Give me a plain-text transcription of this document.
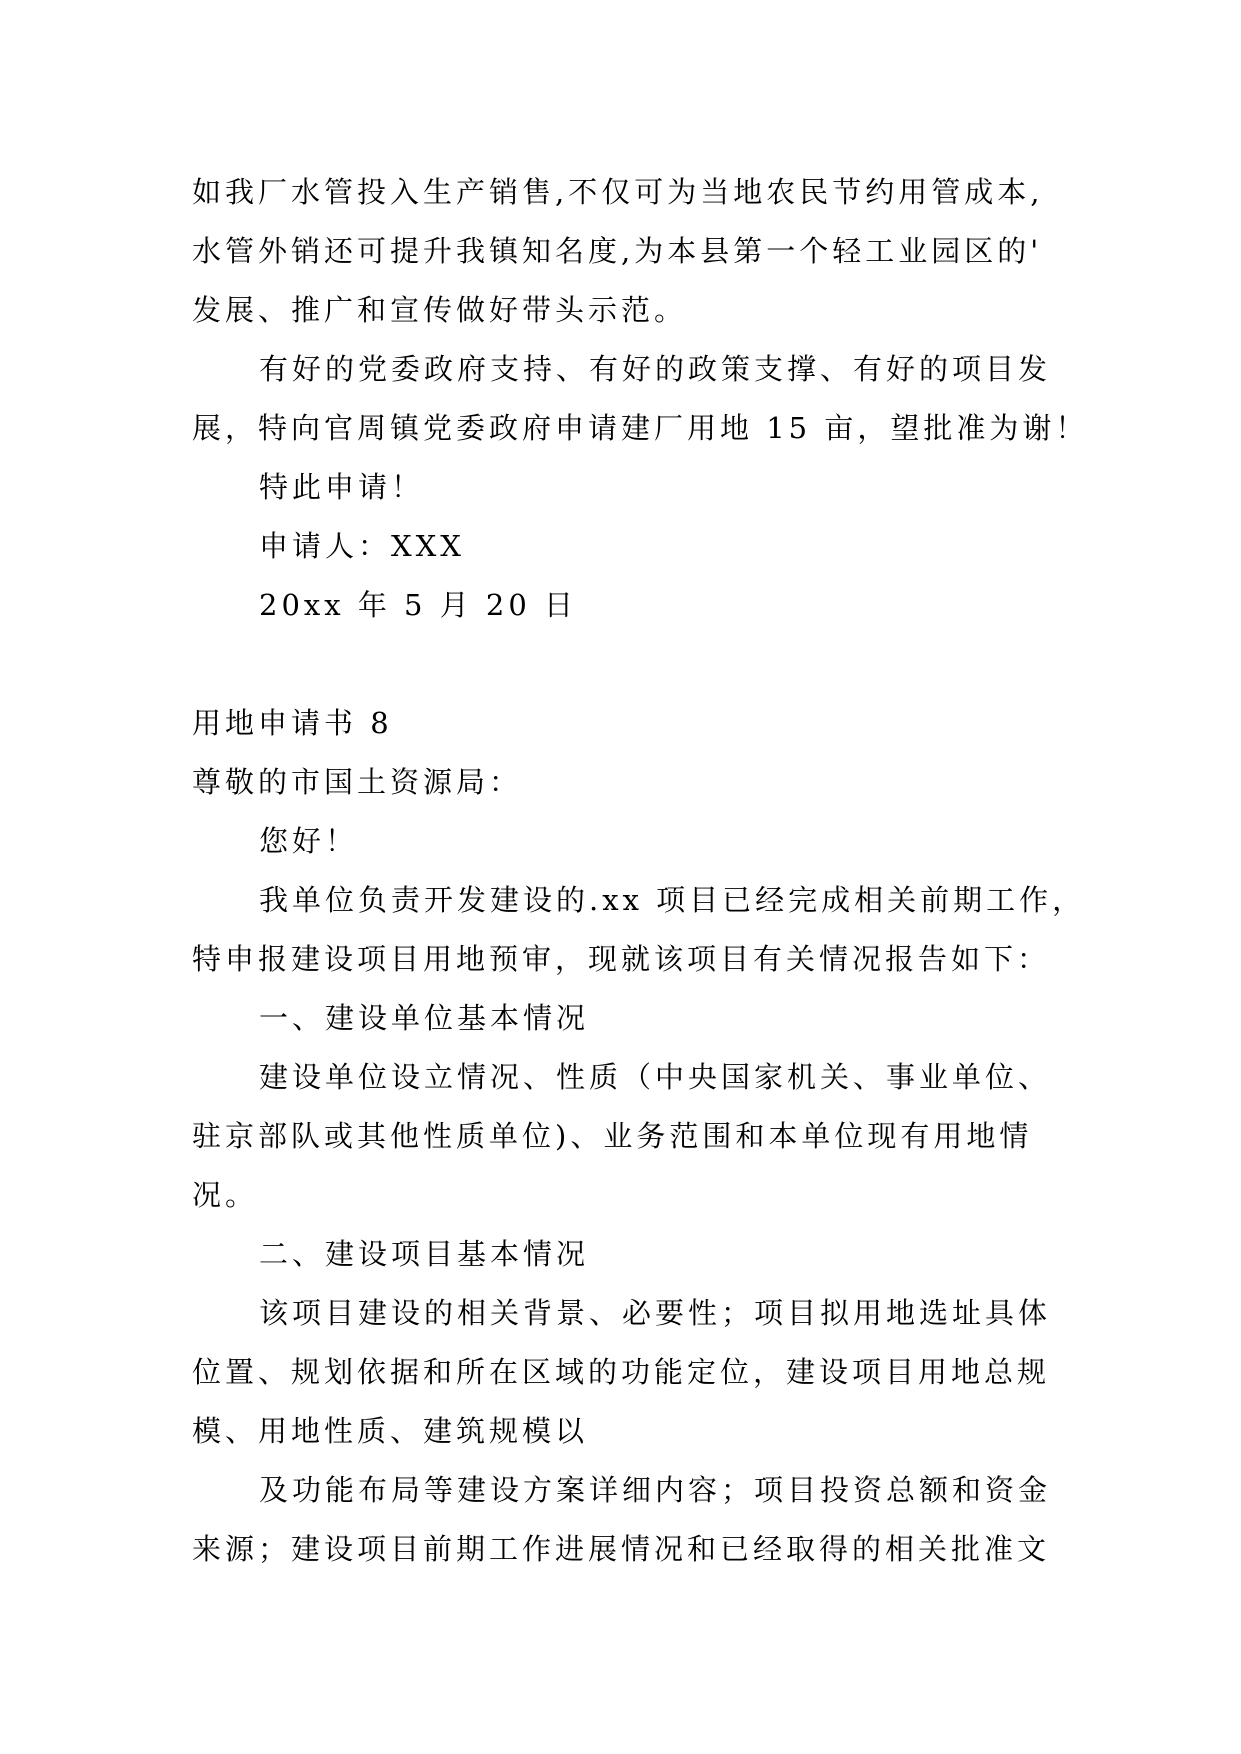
如我厂水管投入生产销售,不仅可为当地农民节约用管成本,
水管外销还可提升我镇知名度,为本县第一个轻工业园区的'
发展、推广和宣传做好带头示范。
有好的党委政府支持、有好的政策支撑、有好的项目发
展，特向官周镇党委政府申请建厂用地 15 亩，望批准为谢！
特此申请！
申请人：XXX
20xx 年 5 月 20 日
用地申请书 8
尊敬的市国土资源局：
您好！
我单位负责开发建设的.xx 项目已经完成相关前期工作，
特申报建设项目用地预审，现就该项目有关情况报告如下：
一、建设单位基本情况
建设单位设立情况、性质（中央国家机关、事业单位、
驻京部队或其他性质单位)、业务范围和本单位现有用地情
况。
二、建设项目基本情况
该项目建设的相关背景、必要性；项目拟用地选址具体
位置、规划依据和所在区域的功能定位，建设项目用地总规
模、用地性质、建筑规模以
及功能布局等建设方案详细内容；项目投资总额和资金
来源；建设项目前期工作进展情况和已经取得的相关批准文
